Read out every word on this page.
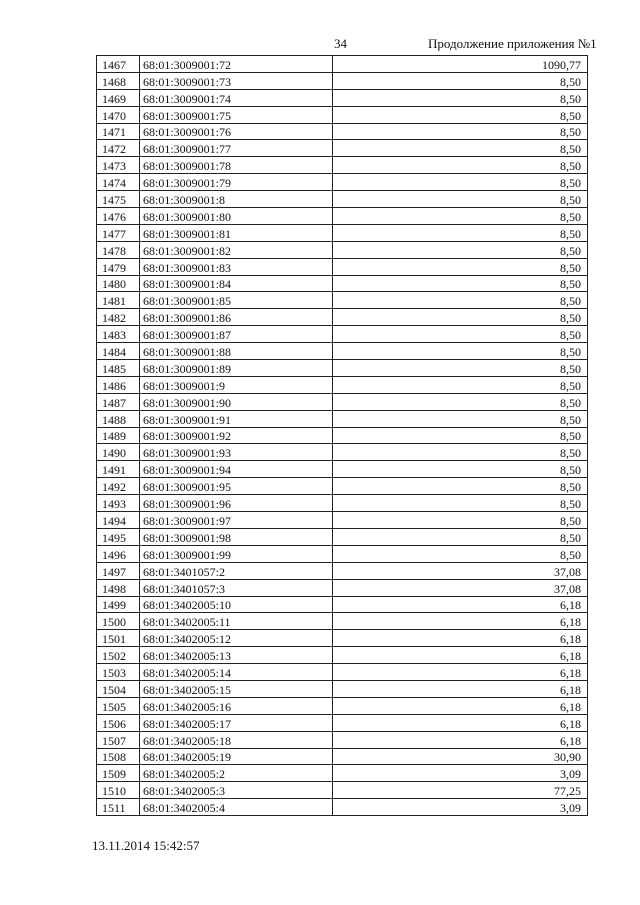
34	Продолжение приложения №1
1467	68:01:3009001:72	1090,77
1468	68:01:3009001:73	8,50
1469	68:01:3009001:74	8,50
1470	68:01:3009001:75	8,50
1471	68:01:3009001:76	8,50
1472	68:01:3009001:77	8,50
1473	68:01:3009001:78	8,50
1474	68:01:3009001:79	8,50
1475	68:01:3009001:8	8,50
1476	68:01:3009001:80	8,50
1477	68:01:3009001:81	8,50
1478	68:01:3009001:82	8,50
1479	68:01:3009001:83	8,50
1480	68:01:3009001:84	8,50
1481	68:01:3009001:85	8,50
1482	68:01:3009001:86	8,50
1483	68:01:3009001:87	8,50
1484	68:01:3009001:88	8,50
1485	68:01:3009001:89	8,50
1486	68:01:3009001:9	8,50
1487	68:01:3009001:90	8,50
1488	68:01:3009001:91	8,50
1489	68:01:3009001:92	8,50
1490	68:01:3009001:93	8,50
1491	68:01:3009001:94	8,50
1492	68:01:3009001:95	8,50
1493	68:01:3009001:96	8,50
1494	68:01:3009001:97	8,50
1495	68:01:3009001:98	8,50
1496	68:01:3009001:99	8,50
1497	68:01:3401057:2	37,08
1498	68:01:3401057:3	37,08
1499	68:01:3402005:10	6,18
1500	68:01:3402005:11	6,18
1501	68:01:3402005:12	6,18
1502	68:01:3402005:13	6,18
1503	68:01:3402005:14	6,18
1504	68:01:3402005:15	6,18
1505	68:01:3402005:16	6,18
1506	68:01:3402005:17	6,18
1507	68:01:3402005:18	6,18
1508	68:01:3402005:19	30,90
1509	68:01:3402005:2	3,09
1510	68:01:3402005:3	77,25
1511	68:01:3402005:4	3,09
13.11.2014 15:42:57
